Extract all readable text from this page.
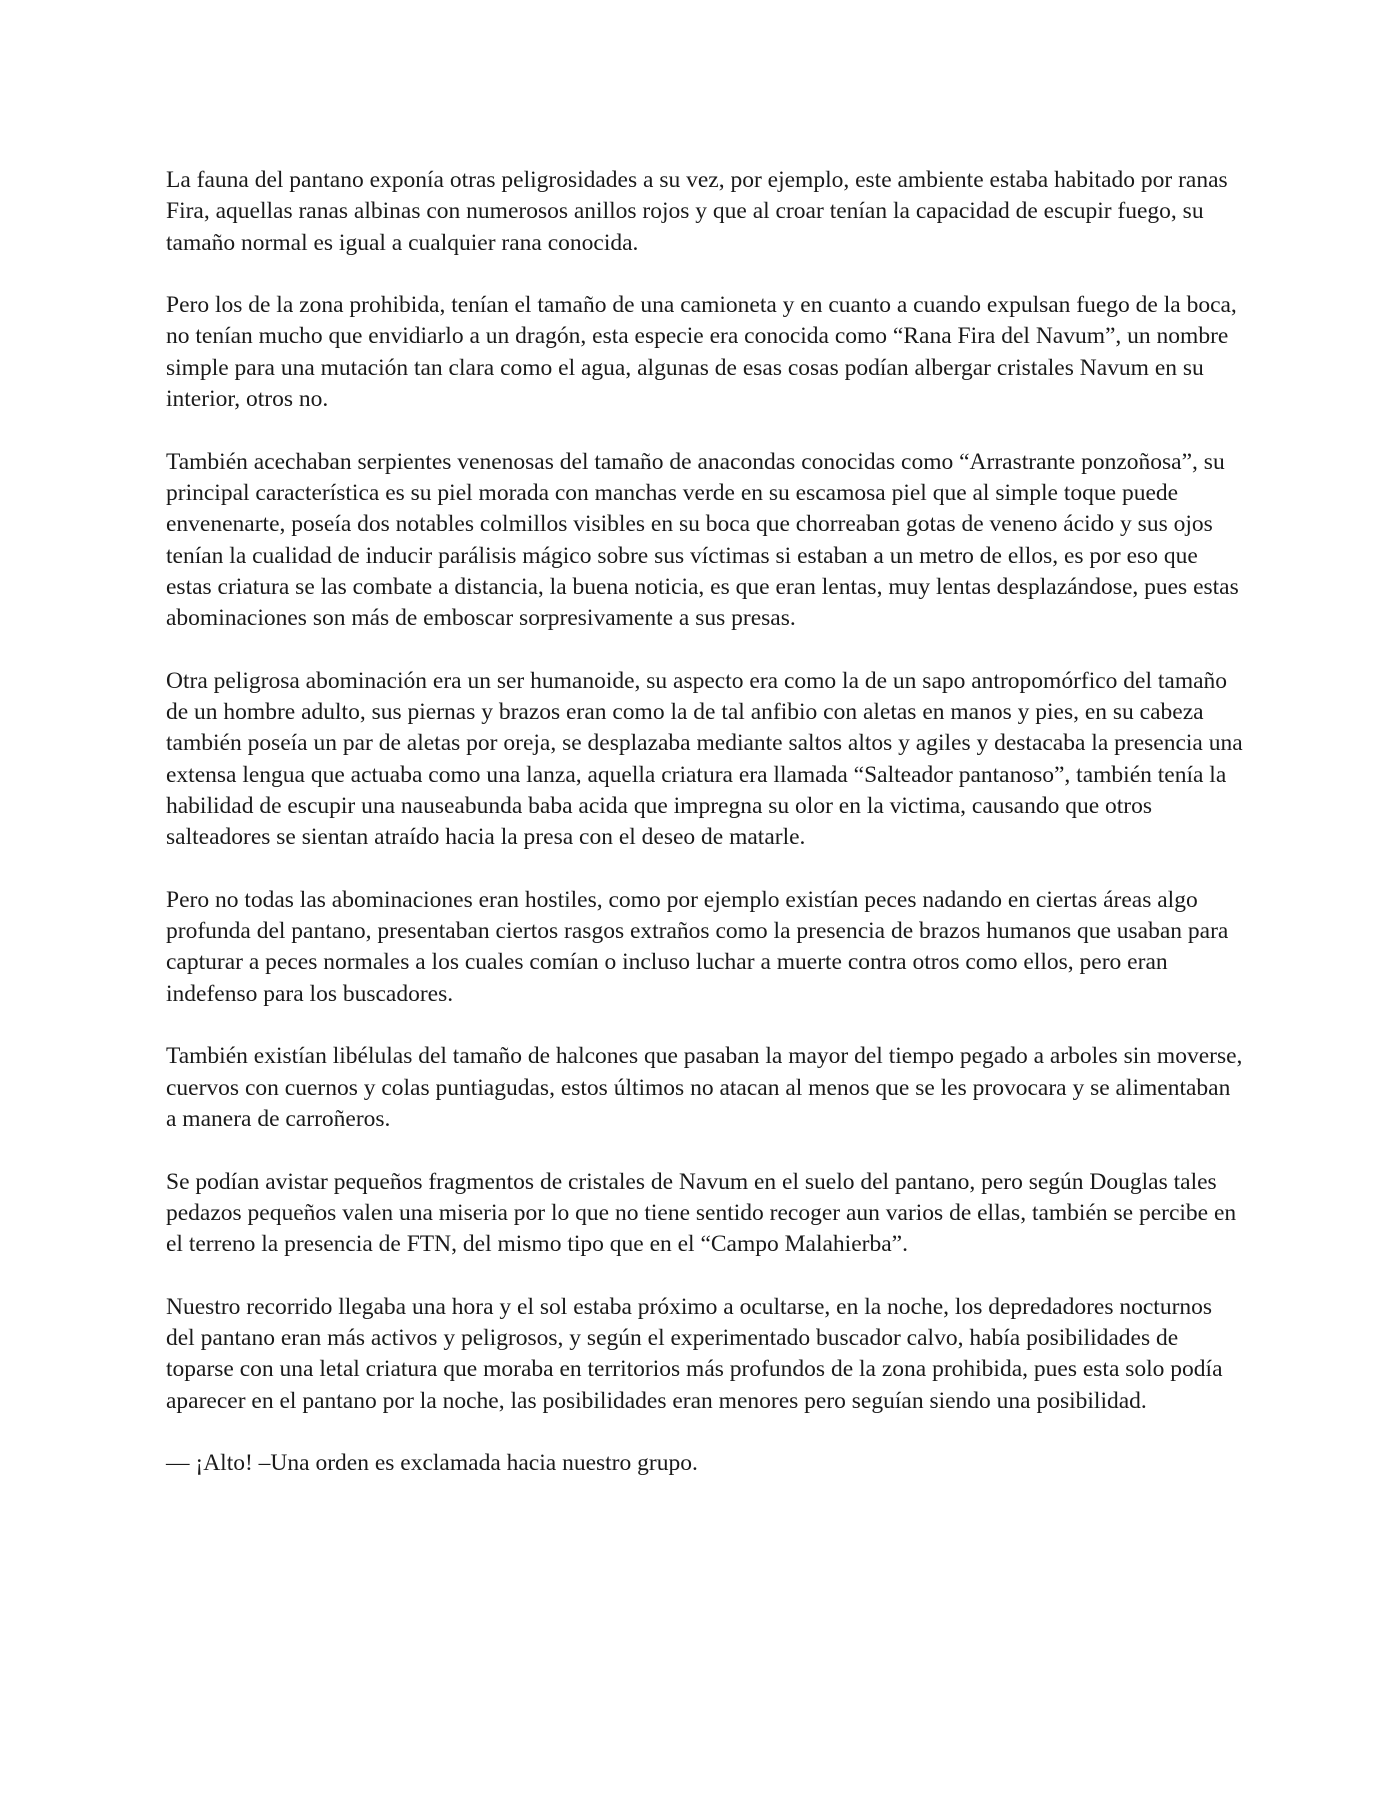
La fauna del pantano exponía otras peligrosidades a su vez, por ejemplo, este ambiente estaba habitado por ranas Fira, aquellas ranas albinas con numerosos anillos rojos y que al croar tenían la capacidad de escupir fuego, su tamaño normal es igual a cualquier rana conocida.

Pero los de la zona prohibida, tenían el tamaño de una camioneta y en cuanto a cuando expulsan fuego de la boca, no tenían mucho que envidiarlo a un dragón, esta especie era conocida como “Rana Fira del Navum”, un nombre simple para una mutación tan clara como el agua, algunas de esas cosas podían albergar cristales Navum en su interior, otros no.

También acechaban serpientes venenosas del tamaño de anacondas conocidas como “Arrastrante ponzoñosa”, su principal característica es su piel morada con manchas verde en su escamosa piel que al simple toque puede envenenarte, poseía dos notables colmillos visibles en su boca que chorreaban gotas de veneno ácido y sus ojos tenían la cualidad de inducir parálisis mágico sobre sus víctimas si estaban a un metro de ellos, es por eso que estas criatura se las combate a distancia, la buena noticia, es que eran lentas, muy lentas desplazándose, pues estas abominaciones son más de emboscar sorpresivamente a sus presas.

Otra peligrosa abominación era un ser humanoide, su aspecto era como la de un sapo antropomórfico del tamaño de un hombre adulto, sus piernas y brazos eran como la de tal anfibio con aletas en manos y pies, en su cabeza también poseía un par de aletas por oreja, se desplazaba mediante saltos altos y agiles y destacaba la presencia una extensa lengua que actuaba como una lanza, aquella criatura era llamada “Salteador pantanoso”, también tenía la habilidad de escupir una nauseabunda baba acida que impregna su olor en la victima, causando que otros salteadores se sientan atraído hacia la presa con el deseo de matarle.

Pero no todas las abominaciones eran hostiles, como por ejemplo existían peces nadando en ciertas áreas algo profunda del pantano, presentaban ciertos rasgos extraños como la presencia de brazos humanos que usaban para capturar a peces normales a los cuales comían o incluso luchar a muerte contra otros como ellos, pero eran indefenso para los buscadores.

También existían libélulas del tamaño de halcones que pasaban la mayor del tiempo pegado a arboles sin moverse, cuervos con cuernos y colas puntiagudas, estos últimos no atacan al menos que se les provocara y se alimentaban a manera de carroñeros.

Se podían avistar pequeños fragmentos de cristales de Navum en el suelo del pantano, pero según Douglas tales pedazos pequeños valen una miseria por lo que no tiene sentido recoger aun varios de ellas, también se percibe en el terreno la presencia de FTN, del mismo tipo que en el “Campo Malahierba”.

Nuestro recorrido llegaba una hora y el sol estaba próximo a ocultarse, en la noche, los depredadores nocturnos del pantano eran más activos y peligrosos, y según el experimentado buscador calvo, había posibilidades de toparse con una letal criatura que moraba en territorios más profundos de la zona prohibida, pues esta solo podía aparecer en el pantano por la noche, las posibilidades eran menores pero seguían siendo una posibilidad.

— ¡Alto! –Una orden es exclamada hacia nuestro grupo.
